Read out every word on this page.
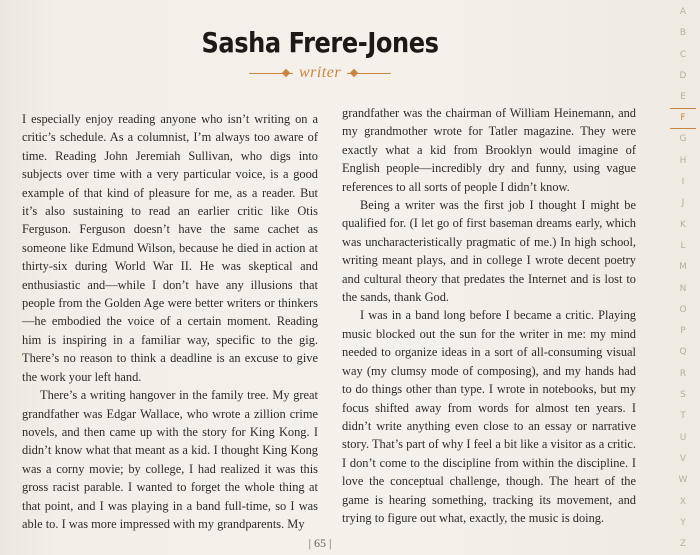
Sasha Frere-Jones
writer

I especially enjoy reading anyone who isn’t writing on a critic’s schedule. As a columnist, I’m always too aware of time. Reading John Jeremiah Sullivan, who digs into subjects over time with a very particular voice, is a good example of that kind of pleasure for me, as a reader. But it’s also sustaining to read an earlier critic like Otis Ferguson. Ferguson doesn’t have the same cachet as someone like Edmund Wilson, because he died in action at thirty-six during World War II. He was skeptical and enthusiastic and—while I don’t have any illusions that people from the Golden Age were better writers or thinkers—he embodied the voice of a certain moment. Reading him is inspiring in a familiar way, specific to the gig. There’s no reason to think a deadline is an excuse to give the work your left hand.

There’s a writing hangover in the family tree. My great grandfather was Edgar Wallace, who wrote a zillion crime novels, and then came up with the story for King Kong. I didn’t know what that meant as a kid. I thought King Kong was a corny movie; by college, I had realized it was this gross racist parable. I wanted to forget the whole thing at that point, and I was playing in a band full-time, so I was able to. I was more impressed with my grandparents. My

grandfather was the chairman of William Heinemann, and my grandmother wrote for Tatler magazine. They were exactly what a kid from Brooklyn would imagine of English people—incredibly dry and funny, using vague references to all sorts of people I didn’t know.

Being a writer was the first job I thought I might be qualified for. (I let go of first baseman dreams early, which was uncharacteristically pragmatic of me.) In high school, writing meant plays, and in college I wrote decent poetry and cultural theory that predates the Internet and is lost to the sands, thank God.

I was in a band long before I became a critic. Playing music blocked out the sun for the writer in me: my mind needed to organize ideas in a sort of all-consuming visual way (my clumsy mode of composing), and my hands had to do things other than type. I wrote in notebooks, but my focus shifted away from words for almost ten years. I didn’t write anything even close to an essay or narrative story. That’s part of why I feel a bit like a visitor as a critic. I don’t come to the discipline from within the discipline. I love the conceptual challenge, though. The heart of the game is hearing something, tracking its movement, and trying to figure out what, exactly, the music is doing.

| 65 |
A
B
C
D
E
F
G
H
I
J
K
L
M
N
O
P
Q
R
S
T
U
V
W
X
Y
Z
